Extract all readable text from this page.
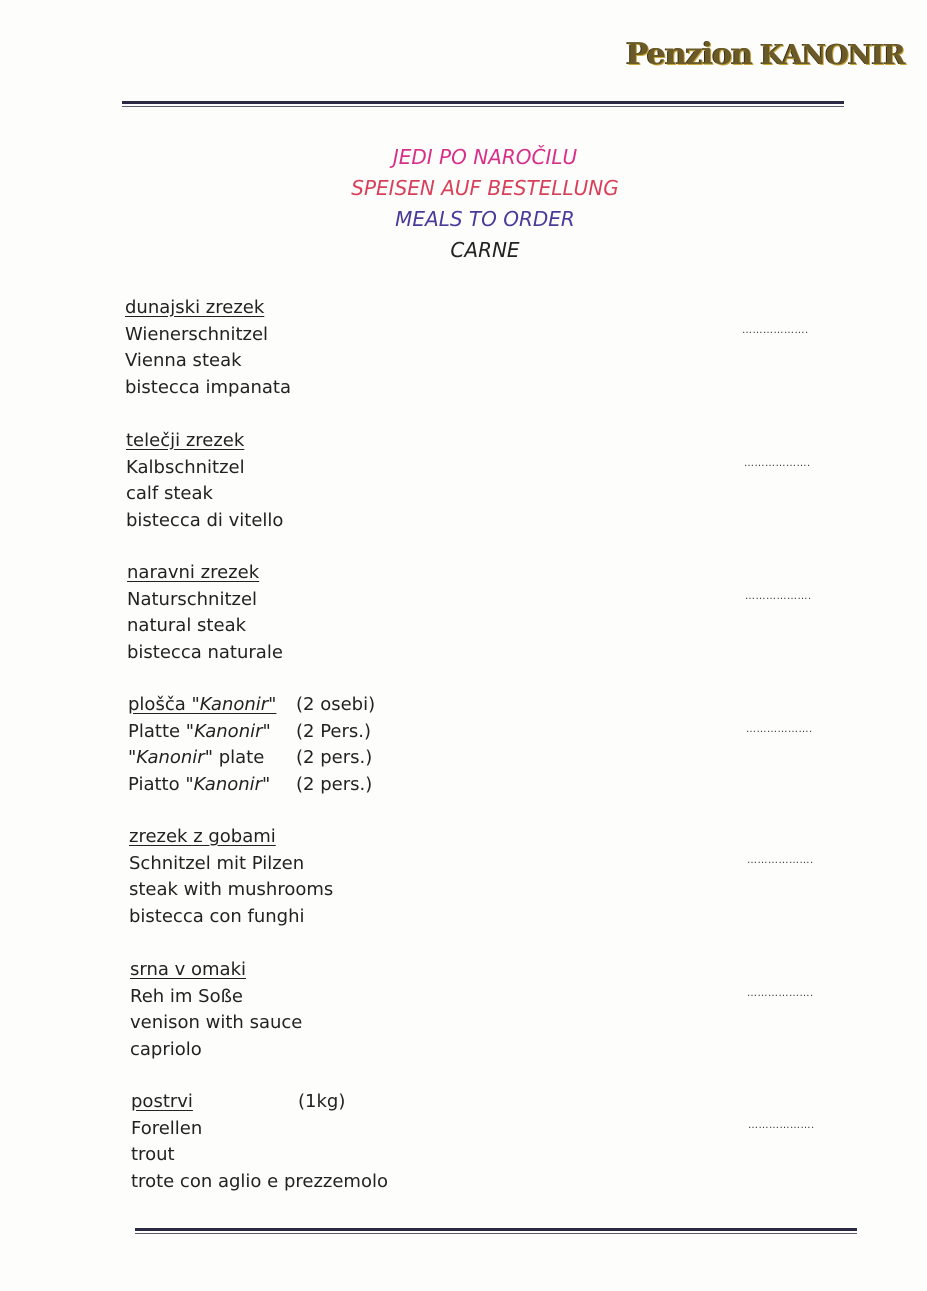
Penzion KANONIR
JEDI PO NAROČILU
SPEISEN AUF BESTELLUNG
MEALS TO ORDER
CARNE
dunajski zrezek
Wienerschnitzel
Vienna steak
bistecca impanata
……………….
telečji zrezek
Kalbschnitzel
calf steak
bistecca di vitello
……………….
naravni zrezek
Naturschnitzel
natural steak
bistecca naturale
……………….
plošča "Kanonir"
Platte "Kanonir"
"Kanonir" plate
Piatto "Kanonir"
(2 osebi)
(2 Pers.)
(2 pers.)
(2 pers.)
……………….
zrezek z gobami
Schnitzel mit Pilzen
steak with mushrooms
bistecca con funghi
……………….
srna v omaki
Reh im Soße
venison with sauce
capriolo
……………….
postrvi
Forellen
trout
trote con aglio e prezzemolo
(1kg)
……………….
